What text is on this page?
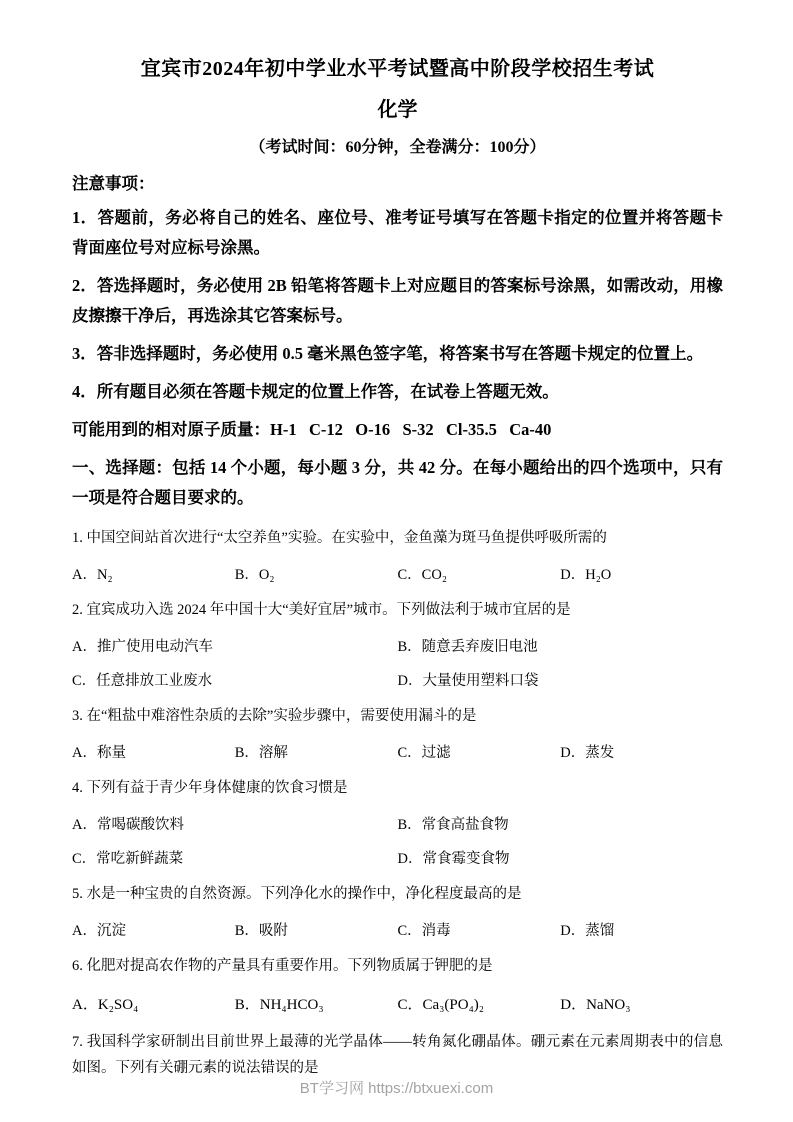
宜宾市2024年初中学业水平考试暨高中阶段学校招生考试
化学
（考试时间：60分钟，全卷满分：100分）
注意事项：

1．答题前，务必将自己的姓名、座位号、准考证号填写在答题卡指定的位置并将答题卡背面座位号对应标号涂黑。

2．答选择题时，务必使用 2B 铅笔将答题卡上对应题目的答案标号涂黑，如需改动，用橡皮擦擦干净后，再选涂其它答案标号。

3．答非选择题时，务必使用 0.5 毫米黑色签字笔，将答案书写在答题卡规定的位置上。

4．所有题目必须在答题卡规定的位置上作答，在试卷上答题无效。

可能用到的相对原子质量：H-1   C-12   O-16   S-32   Cl-35.5   Ca-40

一、选择题：包括 14 个小题，每小题 3 分，共 42 分。在每小题给出的四个选项中，只有一项是符合题目要求的。

1. 中国空间站首次进行“太空养鱼”实验。在实验中，金鱼藻为斑马鱼提供呼吸所需的

A．N₂	B．O₂	C．CO₂	D．H₂O

2. 宜宾成功入选 2024 年中国十大“美好宜居”城市。下列做法利于城市宜居的是

A．推广使用电动汽车	B．随意丢弃废旧电池
C．任意排放工业废水	D．大量使用塑料口袋

3. 在“粗盐中难溶性杂质的去除”实验步骤中，需要使用漏斗的是

A．称量	B．溶解	C．过滤	D．蒸发

4. 下列有益于青少年身体健康的饮食习惯是

A．常喝碳酸饮料	B．常食高盐食物
C．常吃新鲜蔬菜	D．常食霉变食物

5. 水是一种宝贵的自然资源。下列净化水的操作中，净化程度最高的是

A．沉淀	B．吸附	C．消毒	D．蒸馏

6. 化肥对提高农作物的产量具有重要作用。下列物质属于钾肥的是

A．K₂SO₄	B．NH₄HCO₃	C．Ca₃(PO₄)₂	D．NaNO₃

7. 我国科学家研制出目前世界上最薄的光学晶体——转角氮化硼晶体。硼元素在元素周期表中的信息如图。下列有关硼元素的说法错误的是

BT学习网 https://btxuexi.com
